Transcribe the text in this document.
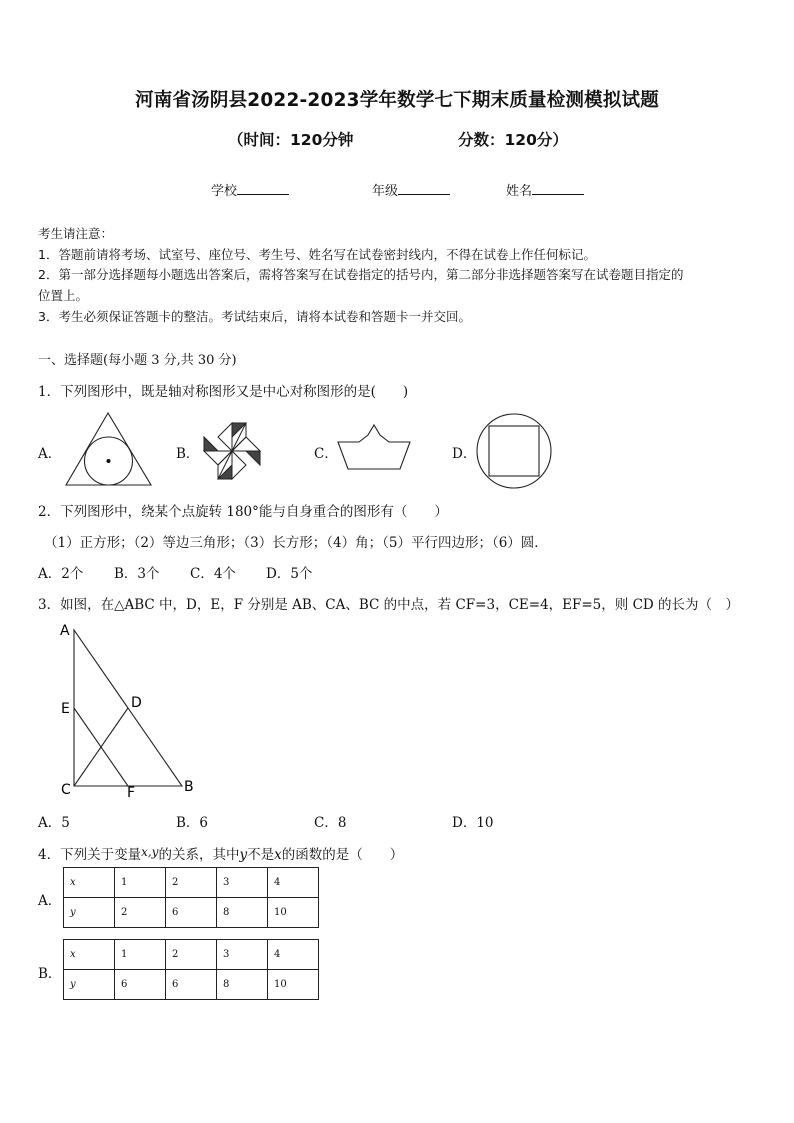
河南省汤阴县2022-2023学年数学七下期末质量检测模拟试题
（时间：120分钟	分数：120分）
学校	年级	姓名
考生请注意：
1．答题前请将考场、试室号、座位号、考生号、姓名写在试卷密封线内，不得在试卷上作任何标记。
2．第一部分选择题每小题选出答案后，需将答案写在试卷指定的括号内，第二部分非选择题答案写在试卷题目指定的
位置上。
3．考生必须保证答题卡的整洁。考试结束后，请将本试卷和答题卡一并交回。
一、选择题(每小题 3 分,共 30 分)
1．下列图形中，既是轴对称图形又是中心对称图形的是(　　)
A．	B．	C．	D．
2．下列图形中，绕某个点旋转 180°能与自身重合的图形有（　　）
（1）正方形；（2）等边三角形；（3）长方形；（4）角；（5）平行四边形；（6）圆．
A．2个 B．3个 C．4个 D．5个
3．如图，在△ABC 中，D，E，F 分别是 AB、CA、BC 的中点，若 CF=3，CE=4，EF=5，则 CD 的长为（　）
A
E	D
C	F	B
A．5	B．6	C．8	D．10
4．下列关于变量x,y的关系，其中y不是x的函数的是（　　）
A．
x	1	2	3	4
y	2	6	8	10
B．
x	1	2	3	4
y	6	6	8	10
